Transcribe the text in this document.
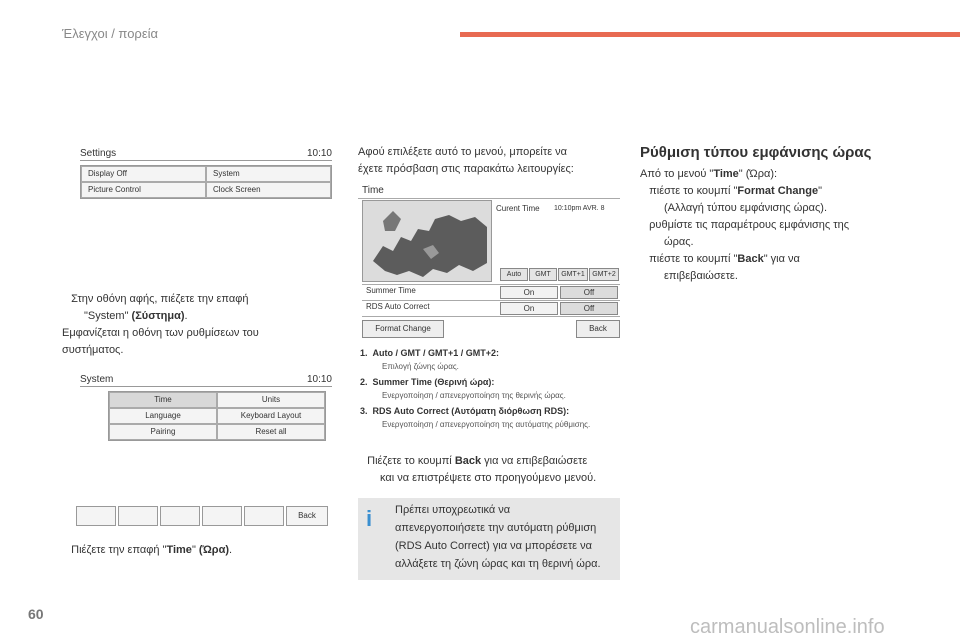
Έλεγχοι / πορεία
Settings	10:10
Display Off	System
Picture Control	Clock Screen
Στην οθόνη αφής, πιέζετε την επαφή
"System" (Σύστημα).
Εμφανίζεται η οθόνη των ρυθμίσεων του
συστήματος.
System	10:10
Time	Units
Language	Keyboard Layout
Pairing	Reset all
Back
Πιέζετε την επαφή "Time" (Ώρα).
Αφού επιλέξετε αυτό το μενού, μπορείτε να
έχετε πρόσβαση στις παρακάτω λειτουργίες:
Time
Curent Time 10:10pm AVR. 8
Auto	GMT	GMT+1	GMT+2
Summer Time	On	Off
RDS Auto Correct	On	Off
Format Change	Back
1. Auto / GMT / GMT+1 / GMT+2:
Επιλογή ζώνης ώρας.
2. Summer Time (Θερινή ώρα):
Ενεργοποίηση / απενεργοποίηση της θερινής ώρας.
3. RDS Auto Correct (Αυτόματη διόρθωση RDS):
Ενεργοποίηση / απενεργοποίηση της αυτόματης ρύθμισης.
Πιέζετε το κουμπί Back για να επιβεβαιώσετε
και να επιστρέψετε στο προηγούμενο μενού.
i	Πρέπει υποχρεωτικά να
απενεργοποιήσετε την αυτόματη ρύθμιση
(RDS Auto Correct) για να μπορέσετε να
αλλάξετε τη ζώνη ώρας και τη θερινή ώρα.
Ρύθμιση τύπου εμφάνισης ώρας
Από το μενού "Time" (Ώρα):
πιέστε το κουμπί "Format Change"
(Αλλαγή τύπου εμφάνισης ώρας).
ρυθμίστε τις παραμέτρους εμφάνισης της
ώρας.
πιέστε το κουμπί "Back" για να
επιβεβαιώσετε.
60
carmanualsonline.info
